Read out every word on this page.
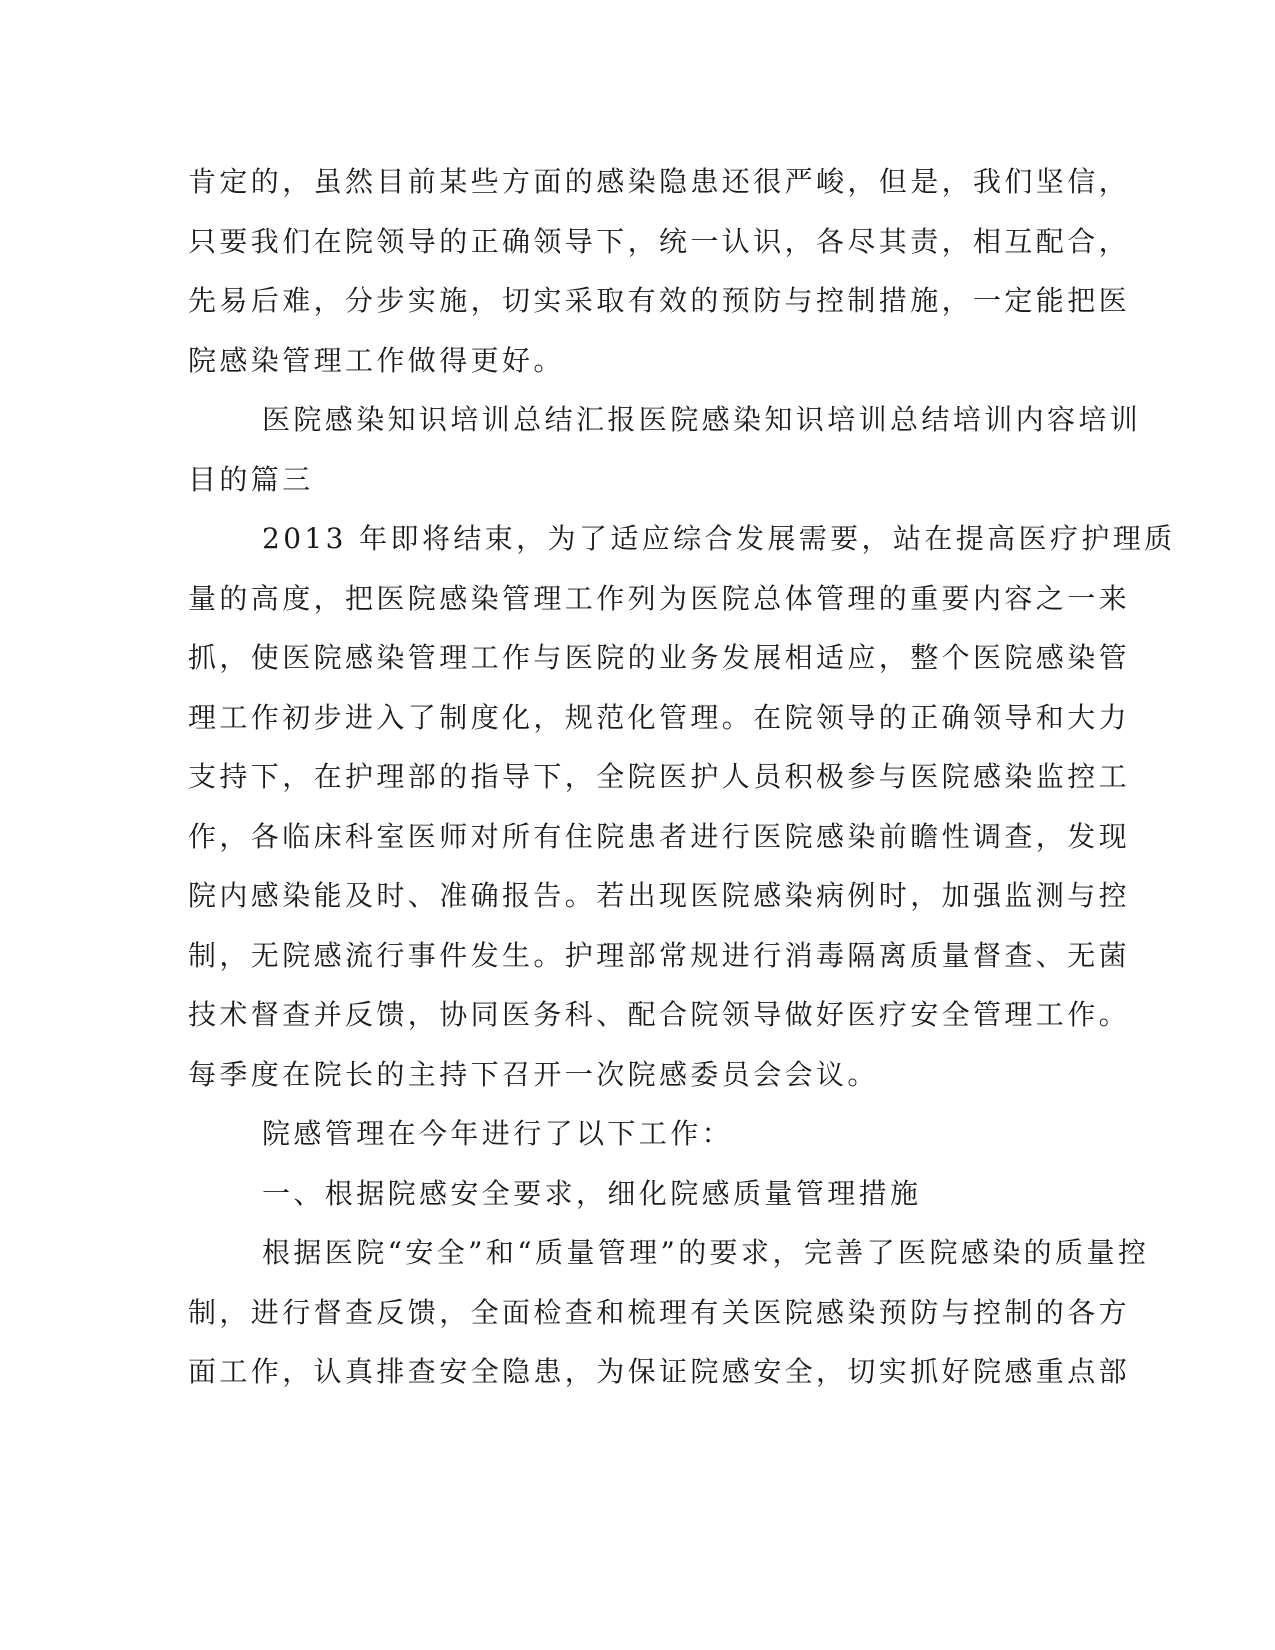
肯定的，虽然目前某些方面的感染隐患还很严峻，但是，我们坚信，
只要我们在院领导的正确领导下，统一认识，各尽其责，相互配合，
先易后难，分步实施，切实采取有效的预防与控制措施，一定能把医
院感染管理工作做得更好。
医院感染知识培训总结汇报医院感染知识培训总结培训内容培训
目的篇三
2013 年即将结束，为了适应综合发展需要，站在提高医疗护理质
量的高度，把医院感染管理工作列为医院总体管理的重要内容之一来
抓，使医院感染管理工作与医院的业务发展相适应，整个医院感染管
理工作初步进入了制度化，规范化管理。在院领导的正确领导和大力
支持下，在护理部的指导下，全院医护人员积极参与医院感染监控工
作，各临床科室医师对所有住院患者进行医院感染前瞻性调查，发现
院内感染能及时、准确报告。若出现医院感染病例时，加强监测与控
制，无院感流行事件发生。护理部常规进行消毒隔离质量督查、无菌
技术督查并反馈，协同医务科、配合院领导做好医疗安全管理工作。
每季度在院长的主持下召开一次院感委员会会议。
院感管理在今年进行了以下工作：
一、根据院感安全要求，细化院感质量管理措施
根据医院“安全”和“质量管理”的要求，完善了医院感染的质量控
制，进行督查反馈，全面检查和梳理有关医院感染预防与控制的各方
面工作，认真排查安全隐患，为保证院感安全，切实抓好院感重点部
